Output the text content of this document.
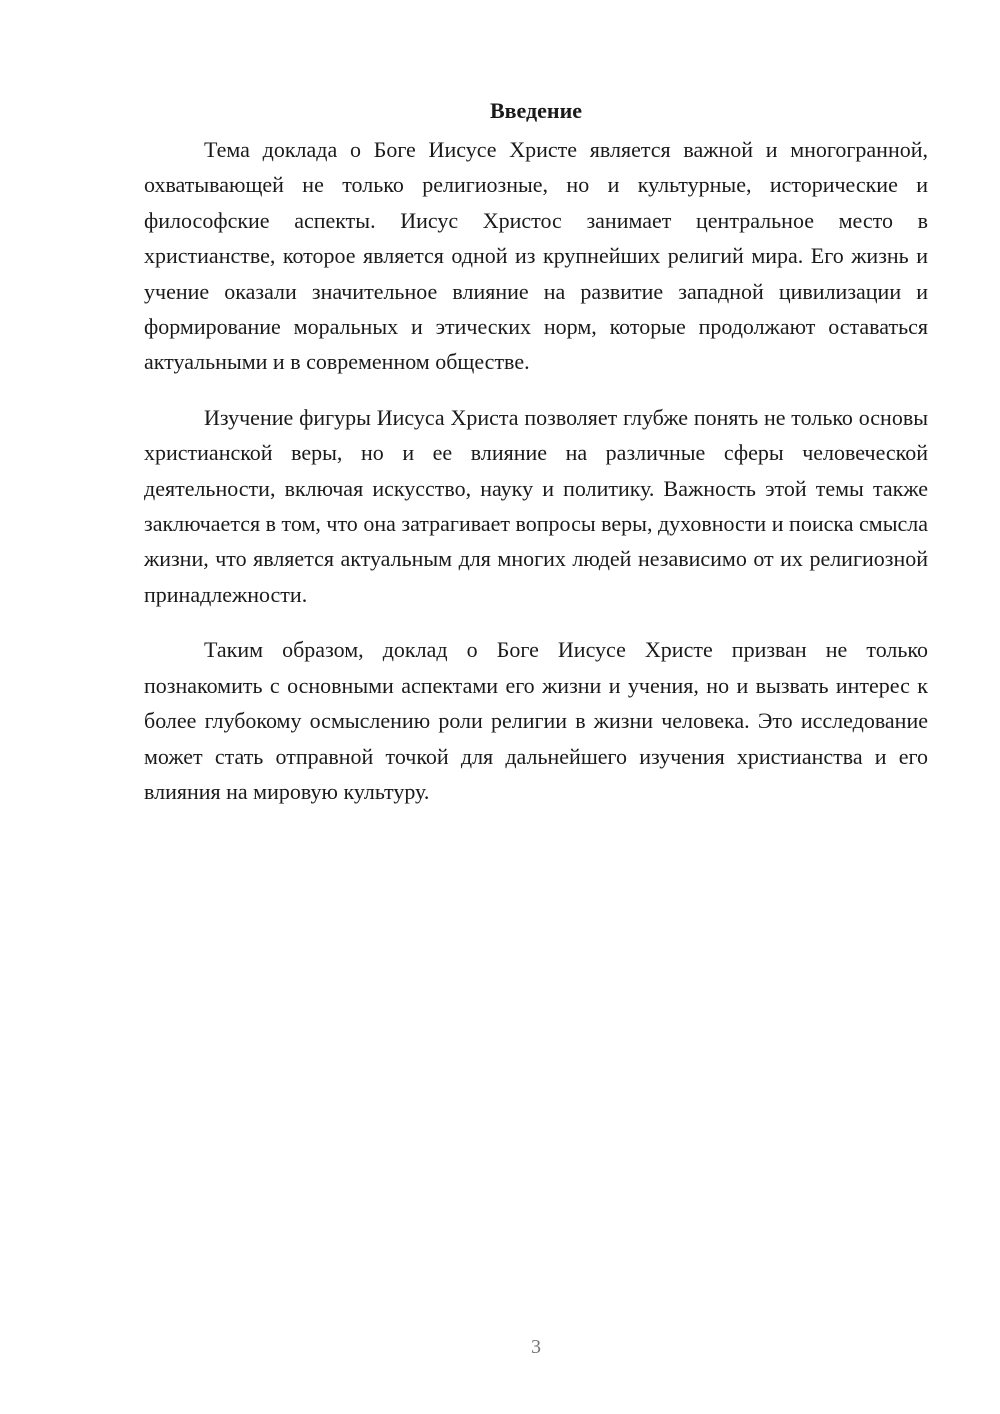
Введение

Тема доклада о Боге Иисусе Христе является важной и многогранной, охватывающей не только религиозные, но и культурные, исторические и философские аспекты. Иисус Христос занимает центральное место в христианстве, которое является одной из крупнейших религий мира. Его жизнь и учение оказали значительное влияние на развитие западной цивилизации и формирование моральных и этических норм, которые продолжают оставаться актуальными и в современном обществе.

Изучение фигуры Иисуса Христа позволяет глубже понять не только основы христианской веры, но и ее влияние на различные сферы человеческой деятельности, включая искусство, науку и политику. Важность этой темы также заключается в том, что она затрагивает вопросы веры, духовности и поиска смысла жизни, что является актуальным для многих людей независимо от их религиозной принадлежности.

Таким образом, доклад о Боге Иисусе Христе призван не только познакомить с основными аспектами его жизни и учения, но и вызвать интерес к более глубокому осмыслению роли религии в жизни человека. Это исследование может стать отправной точкой для дальнейшего изучения христианства и его влияния на мировую культуру.

3
